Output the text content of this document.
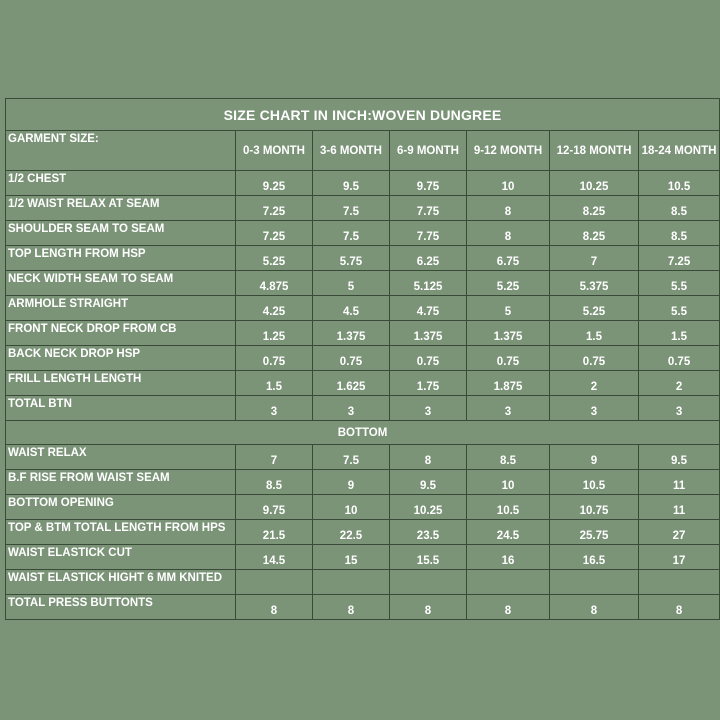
SIZE CHART IN INCH:WOVEN DUNGREE						
GARMENT SIZE:	0-3 MONTH	3-6 MONTH	6-9 MONTH	9-12 MONTH	12-18 MONTH	18-24 MONTH
1/2 CHEST	9.25	9.5	9.75	10	10.25	10.5
1/2 WAIST RELAX AT SEAM	7.25	7.5	7.75	8	8.25	8.5
SHOULDER SEAM TO SEAM	7.25	7.5	7.75	8	8.25	8.5
TOP LENGTH FROM HSP	5.25	5.75	6.25	6.75	7	7.25
NECK WIDTH SEAM TO SEAM	4.875	5	5.125	5.25	5.375	5.5
ARMHOLE STRAIGHT	4.25	4.5	4.75	5	5.25	5.5
FRONT NECK DROP FROM CB	1.25	1.375	1.375	1.375	1.5	1.5
BACK NECK DROP HSP	0.75	0.75	0.75	0.75	0.75	0.75
FRILL LENGTH LENGTH	1.5	1.625	1.75	1.875	2	2
TOTAL BTN	3	3	3	3	3	3
BOTTOM						
WAIST RELAX	7	7.5	8	8.5	9	9.5
B.F RISE FROM WAIST SEAM	8.5	9	9.5	10	10.5	11
BOTTOM OPENING	9.75	10	10.25	10.5	10.75	11
TOP & BTM TOTAL LENGTH FROM HPS	21.5	22.5	23.5	24.5	25.75	27
WAIST ELASTICK CUT	14.5	15	15.5	16	16.5	17
WAIST ELASTICK HIGHT 6 MM KNITED						
TOTAL PRESS BUTTONTS	8	8	8	8	8	8
